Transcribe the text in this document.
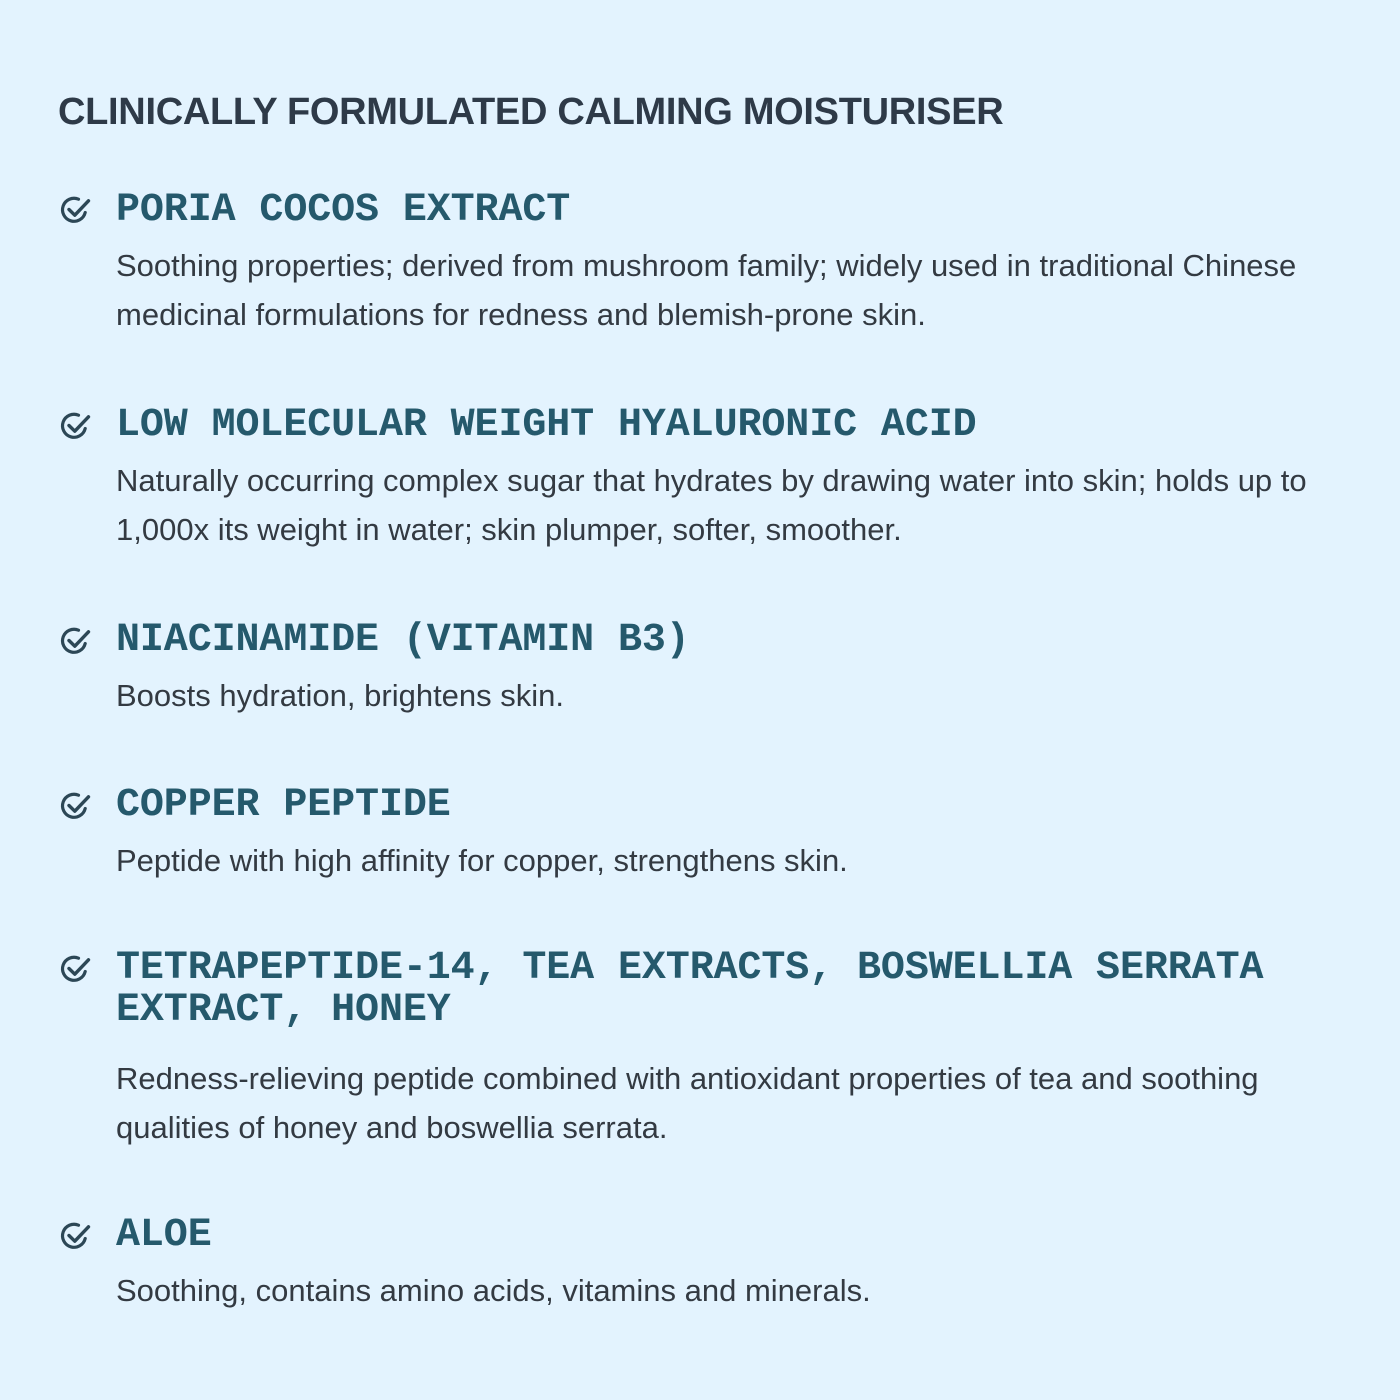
CLINICALLY FORMULATED CALMING MOISTURISER
PORIA COCOS EXTRACT

Soothing properties; derived from mushroom family; widely used in traditional Chinese medicinal formulations for redness and blemish-prone skin.

LOW MOLECULAR WEIGHT HYALURONIC ACID

Naturally occurring complex sugar that hydrates by drawing water into skin; holds up to 1,000x its weight in water; skin plumper, softer, smoother.

NIACINAMIDE (VITAMIN B3)

Boosts hydration, brightens skin.

COPPER PEPTIDE

Peptide with high affinity for copper, strengthens skin.

TETRAPEPTIDE-14, TEA EXTRACTS, BOSWELLIA SERRATA EXTRACT, HONEY

Redness-relieving peptide combined with antioxidant properties of tea and soothing qualities of honey and boswellia serrata.

ALOE

Soothing, contains amino acids, vitamins and minerals.
